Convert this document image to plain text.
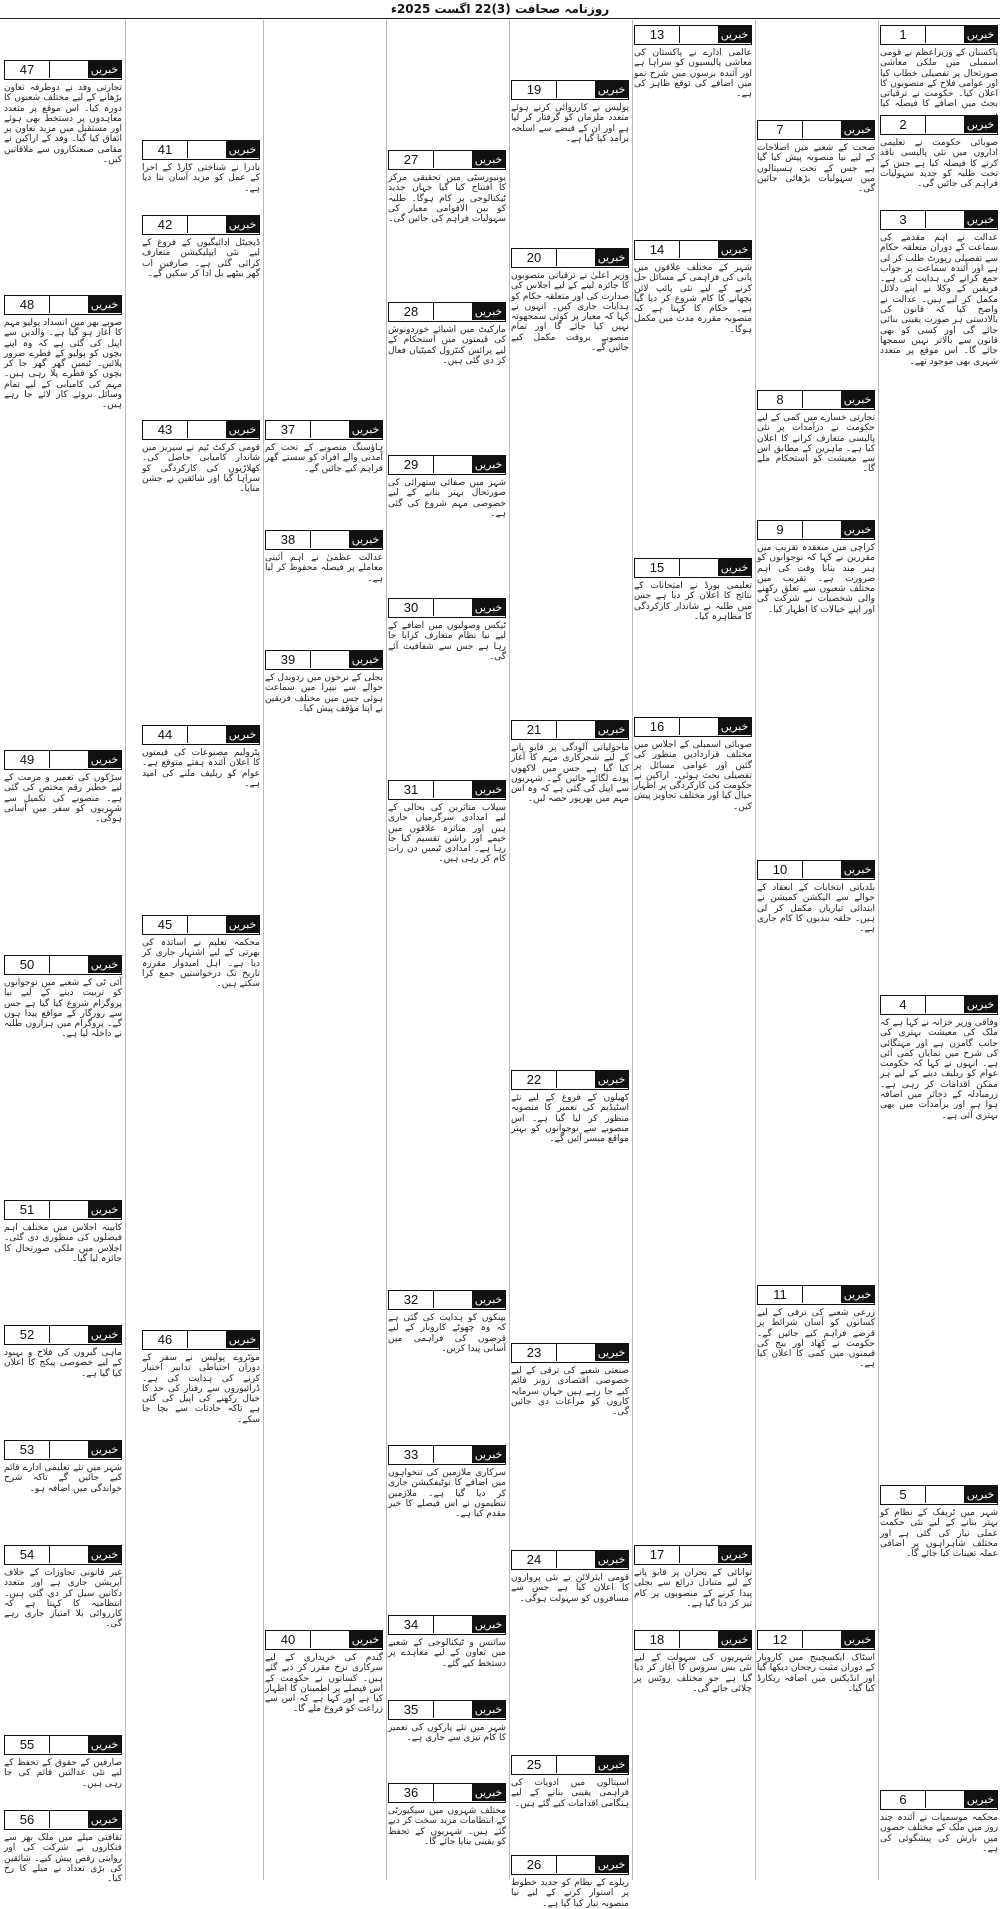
روزنامہ صحافت (3)22 اگست 2025ء
1	خبریں
پاکستان کے وزیراعظم نے قومی اسمبلی میں ملکی معاشی صورتحال پر تفصیلی خطاب کیا اور عوامی فلاح کے منصوبوں کا اعلان کیا۔ حکومت نے ترقیاتی بجٹ میں اضافے کا فیصلہ کیا
2	خبریں
صوبائی حکومت نے تعلیمی اداروں میں نئی پالیسی نافذ کرنے کا فیصلہ کیا ہے جس کے تحت طلبہ کو جدید سہولیات فراہم کی جائیں گی۔
3	خبریں
عدالت نے اہم مقدمے کی سماعت کے دوران متعلقہ حکام سے تفصیلی رپورٹ طلب کر لی ہے اور آئندہ سماعت پر جواب جمع کرانے کی ہدایت کی ہے۔ فریقین کے وکلا نے اپنے دلائل مکمل کر لیے ہیں۔ عدالت نے واضح کیا کہ قانون کی بالادستی ہر صورت یقینی بنائی جائے گی اور کسی کو بھی قانون سے بالاتر نہیں سمجھا جائے گا۔ اس موقع پر متعدد شہری بھی موجود تھے۔
4	خبریں
وفاقی وزیر خزانہ نے کہا ہے کہ ملک کی معیشت بہتری کی جانب گامزن ہے اور مہنگائی کی شرح میں نمایاں کمی آئی ہے۔ انہوں نے کہا کہ حکومت عوام کو ریلیف دینے کے لیے ہر ممکن اقدامات کر رہی ہے۔ زرمبادلہ کے ذخائر میں اضافہ ہوا ہے اور برآمدات میں بھی بہتری آئی ہے۔
5	خبریں
شہر میں ٹریفک کے نظام کو بہتر بنانے کے لیے نئی حکمت عملی تیار کی گئی ہے اور مختلف شاہراہوں پر اضافی عملہ تعینات کیا جائے گا۔
6	خبریں
محکمہ موسمیات نے آئندہ چند روز میں ملک کے مختلف حصوں میں بارش کی پیشگوئی کی ہے۔
7	خبریں
صحت کے شعبے میں اصلاحات کے لیے نیا منصوبہ پیش کیا گیا ہے جس کے تحت ہسپتالوں میں سہولیات بڑھائی جائیں گی۔
8	خبریں
تجارتی خسارے میں کمی کے لیے حکومت نے درآمدات پر نئی پالیسی متعارف کرانے کا اعلان کیا ہے۔ ماہرین کے مطابق اس سے معیشت کو استحکام ملے گا۔
9	خبریں
کراچی میں منعقدہ تقریب میں مقررین نے کہا کہ نوجوانوں کو ہنر مند بنانا وقت کی اہم ضرورت ہے۔ تقریب میں مختلف شعبوں سے تعلق رکھنے والی شخصیات نے شرکت کی اور اپنے خیالات کا اظہار کیا۔
10	خبریں
بلدیاتی انتخابات کے انعقاد کے حوالے سے الیکشن کمیشن نے ابتدائی تیاریاں مکمل کر لی ہیں۔ حلقہ بندیوں کا کام جاری ہے۔
11	خبریں
زرعی شعبے کی ترقی کے لیے کسانوں کو آسان شرائط پر قرضے فراہم کیے جائیں گے۔ حکومت نے کھاد اور بیج کی قیمتوں میں کمی کا اعلان کیا ہے۔
12	خبریں
اسٹاک ایکسچینج میں کاروبار کے دوران مثبت رجحان دیکھا گیا اور انڈیکس میں اضافہ ریکارڈ کیا گیا۔
13	خبریں
عالمی ادارے نے پاکستان کی معاشی پالیسیوں کو سراہا ہے اور آئندہ برسوں میں شرح نمو میں اضافے کی توقع ظاہر کی ہے۔
14	خبریں
شہر کے مختلف علاقوں میں پانی کی فراہمی کے مسائل حل کرنے کے لیے نئی پائپ لائن بچھانے کا کام شروع کر دیا گیا ہے۔ حکام کا کہنا ہے کہ منصوبہ مقررہ مدت میں مکمل ہوگا۔
15	خبریں
تعلیمی بورڈ نے امتحانات کے نتائج کا اعلان کر دیا ہے جس میں طلبہ نے شاندار کارکردگی کا مظاہرہ کیا۔
16	خبریں
صوبائی اسمبلی کے اجلاس میں مختلف قراردادیں منظور کی گئیں اور عوامی مسائل پر تفصیلی بحث ہوئی۔ اراکین نے حکومت کی کارکردگی پر اظہار خیال کیا اور مختلف تجاویز پیش کیں۔
17	خبریں
توانائی کے بحران پر قابو پانے کے لیے متبادل ذرائع سے بجلی پیدا کرنے کے منصوبوں پر کام تیز کر دیا گیا ہے۔
18	خبریں
شہریوں کی سہولت کے لیے نئی بس سروس کا آغاز کر دیا گیا ہے جو مختلف روٹس پر چلائی جائے گی۔
19	خبریں
پولیس نے کارروائی کرتے ہوئے متعدد ملزمان کو گرفتار کر لیا ہے اور ان کے قبضے سے اسلحہ برآمد کیا گیا ہے۔
20	خبریں
وزیر اعلیٰ نے ترقیاتی منصوبوں کا جائزہ لینے کے لیے اجلاس کی صدارت کی اور متعلقہ حکام کو ہدایات جاری کیں۔ انہوں نے کہا کہ معیار پر کوئی سمجھوتہ نہیں کیا جائے گا اور تمام منصوبے بروقت مکمل کیے جائیں گے۔
21	خبریں
ماحولیاتی آلودگی پر قابو پانے کے لیے شجرکاری مہم کا آغاز کیا گیا ہے جس میں لاکھوں پودے لگائے جائیں گے۔ شہریوں سے اپیل کی گئی ہے کہ وہ اس مہم میں بھرپور حصہ لیں۔
22	خبریں
کھیلوں کے فروغ کے لیے نئے اسٹیڈیم کی تعمیر کا منصوبہ منظور کر لیا گیا ہے۔ اس منصوبے سے نوجوانوں کو بہتر مواقع میسر آئیں گے۔
23	خبریں
صنعتی شعبے کی ترقی کے لیے خصوصی اقتصادی زونز قائم کیے جا رہے ہیں جہاں سرمایہ کاروں کو مراعات دی جائیں گی۔
24	خبریں
قومی ایئرلائن نے نئی پروازوں کا اعلان کیا ہے جس سے مسافروں کو سہولت ہوگی۔
25	خبریں
اسپتالوں میں ادویات کی فراہمی یقینی بنانے کے لیے ہنگامی اقدامات کیے گئے ہیں۔
26	خبریں
ریلوے کے نظام کو جدید خطوط پر استوار کرنے کے لیے نیا منصوبہ تیار کیا گیا ہے۔
27	خبریں
یونیورسٹی میں تحقیقی مرکز کا افتتاح کیا گیا جہاں جدید ٹیکنالوجی پر کام ہوگا۔ طلبہ کو بین الاقوامی معیار کی سہولیات فراہم کی جائیں گی۔
28	خبریں
مارکیٹ میں اشیائے خوردونوش کی قیمتوں میں استحکام کے لیے پرائس کنٹرول کمیٹیاں فعال کر دی گئی ہیں۔
29	خبریں
شہر میں صفائی ستھرائی کی صورتحال بہتر بنانے کے لیے خصوصی مہم شروع کی گئی ہے۔
30	خبریں
ٹیکس وصولیوں میں اضافے کے لیے نیا نظام متعارف کرایا جا رہا ہے جس سے شفافیت آئے گی۔
31	خبریں
سیلاب متاثرین کی بحالی کے لیے امدادی سرگرمیاں جاری ہیں اور متاثرہ علاقوں میں خیمے اور راشن تقسیم کیا جا رہا ہے۔ امدادی ٹیمیں دن رات کام کر رہی ہیں۔
32	خبریں
بینکوں کو ہدایت کی گئی ہے کہ وہ چھوٹے کاروبار کے لیے قرضوں کی فراہمی میں آسانی پیدا کریں۔
33	خبریں
سرکاری ملازمین کی تنخواہوں میں اضافے کا نوٹیفکیشن جاری کر دیا گیا ہے۔ ملازمین تنظیموں نے اس فیصلے کا خیر مقدم کیا ہے۔
34	خبریں
سائنس و ٹیکنالوجی کے شعبے میں تعاون کے لیے معاہدے پر دستخط کیے گئے۔
35	خبریں
شہر میں نئے پارکوں کی تعمیر کا کام تیزی سے جاری ہے۔
36	خبریں
مختلف شہروں میں سیکیورٹی کے انتظامات مزید سخت کر دیے گئے ہیں۔ شہریوں کے تحفظ کو یقینی بنایا جائے گا۔
37	خبریں
ہاؤسنگ منصوبے کے تحت کم آمدنی والے افراد کو سستے گھر فراہم کیے جائیں گے۔
38	خبریں
عدالت عظمیٰ نے اہم آئینی معاملے پر فیصلہ محفوظ کر لیا ہے۔
39	خبریں
بجلی کے نرخوں میں ردوبدل کے حوالے سے نیپرا میں سماعت ہوئی جس میں مختلف فریقین نے اپنا مؤقف پیش کیا۔
40	خبریں
گندم کی خریداری کے لیے سرکاری نرخ مقرر کر دیے گئے ہیں۔ کسانوں نے حکومت کے اس فیصلے پر اطمینان کا اظہار کیا ہے اور کہا ہے کہ اس سے زراعت کو فروغ ملے گا۔
41	خبریں
نادرا نے شناختی کارڈ کے اجرا کے عمل کو مزید آسان بنا دیا ہے۔
42	خبریں
ڈیجیٹل ادائیگیوں کے فروغ کے لیے نئی ایپلیکیشن متعارف کرائی گئی ہے۔ صارفین اب گھر بیٹھے بل ادا کر سکیں گے۔
43	خبریں
قومی کرکٹ ٹیم نے سیریز میں شاندار کامیابی حاصل کی۔ کھلاڑیوں کی کارکردگی کو سراہا گیا اور شائقین نے جشن منایا۔
44	خبریں
پٹرولیم مصنوعات کی قیمتوں کا اعلان آئندہ ہفتے متوقع ہے۔ عوام کو ریلیف ملنے کی امید ہے۔
45	خبریں
محکمہ تعلیم نے اساتذہ کی بھرتی کے لیے اشتہار جاری کر دیا ہے۔ اہل امیدوار مقررہ تاریخ تک درخواستیں جمع کرا سکتے ہیں۔
46	خبریں
موٹروے پولیس نے سفر کے دوران احتیاطی تدابیر اختیار کرنے کی ہدایت کی ہے۔ ڈرائیوروں سے رفتار کی حد کا خیال رکھنے کی اپیل کی گئی ہے تاکہ حادثات سے بچا جا سکے۔
47	خبریں
تجارتی وفد نے دوطرفہ تعاون بڑھانے کے لیے مختلف شعبوں کا دورہ کیا۔ اس موقع پر متعدد معاہدوں پر دستخط بھی ہوئے اور مستقبل میں مزید تعاون پر اتفاق کیا گیا۔ وفد کے اراکین نے مقامی صنعتکاروں سے ملاقاتیں کیں۔
48	خبریں
صوبے بھر میں انسداد پولیو مہم کا آغاز ہو گیا ہے۔ والدین سے اپیل کی گئی ہے کہ وہ اپنے بچوں کو پولیو کے قطرے ضرور پلائیں۔ ٹیمیں گھر گھر جا کر بچوں کو قطرے پلا رہی ہیں۔ مہم کی کامیابی کے لیے تمام وسائل بروئے کار لائے جا رہے ہیں۔
49	خبریں
سڑکوں کی تعمیر و مرمت کے لیے خطیر رقم مختص کی گئی ہے۔ منصوبے کی تکمیل سے شہریوں کو سفر میں آسانی ہوگی۔
50	خبریں
آئی ٹی کے شعبے میں نوجوانوں کو تربیت دینے کے لیے نیا پروگرام شروع کیا گیا ہے جس سے روزگار کے مواقع پیدا ہوں گے۔ پروگرام میں ہزاروں طلبہ نے داخلہ لیا ہے۔
51	خبریں
کابینہ اجلاس میں مختلف اہم فیصلوں کی منظوری دی گئی۔ اجلاس میں ملکی صورتحال کا جائزہ لیا گیا۔
52	خبریں
ماہی گیروں کی فلاح و بہبود کے لیے خصوصی پیکج کا اعلان کیا گیا ہے۔
53	خبریں
شہر میں نئے تعلیمی ادارے قائم کیے جائیں گے تاکہ شرح خواندگی میں اضافہ ہو۔
54	خبریں
غیر قانونی تجاوزات کے خلاف آپریشن جاری ہے اور متعدد دکانیں سیل کر دی گئی ہیں۔ انتظامیہ کا کہنا ہے کہ کارروائی بلا امتیاز جاری رہے گی۔
55	خبریں
صارفین کے حقوق کے تحفظ کے لیے نئی عدالتیں قائم کی جا رہی ہیں۔
56	خبریں
ثقافتی میلے میں ملک بھر سے فنکاروں نے شرکت کی اور روایتی رقص پیش کیے۔ شائقین کی بڑی تعداد نے میلے کا رخ کیا۔
